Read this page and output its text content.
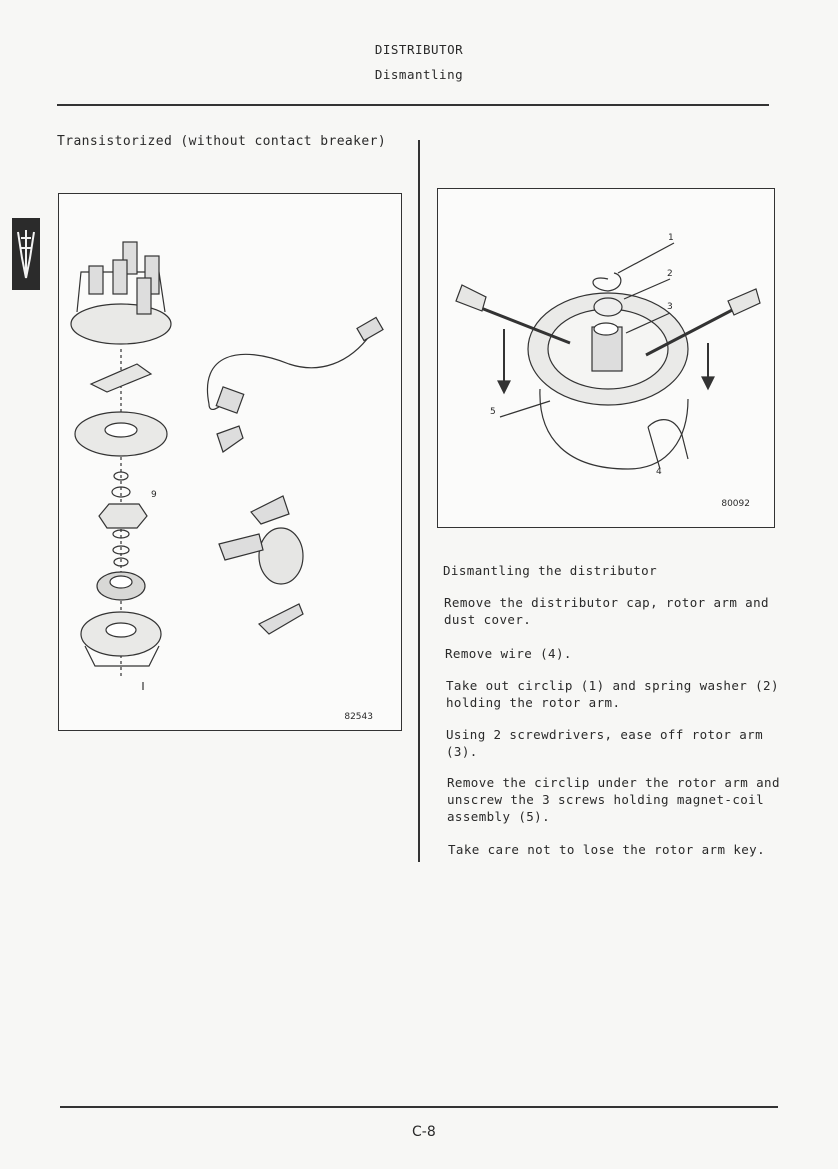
DISTRIBUTOR
Dismantling
Transistorized (without contact breaker)
9
82543
1
2
3
4
5
80092
Dismantling the distributor
Remove the distributor cap, rotor arm and dust cover.
Remove wire (4).
Take out circlip (1) and spring washer (2) holding the rotor arm.
Using 2 screwdrivers, ease off rotor arm (3).
Remove the circlip under the rotor arm and unscrew the 3 screws holding magnet-coil assembly (5).
Take care not to lose the rotor arm key.
C-8
